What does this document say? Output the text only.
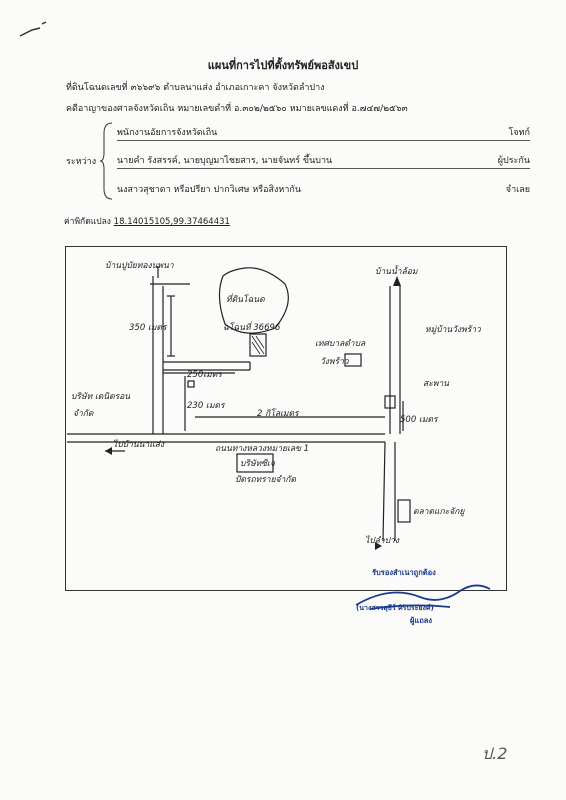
แผนที่การไปที่ตั้งทรัพย์พอสังเขป
ที่ดินโฉนดเลขที่ ๓๖๖๙๖ ตำบลนาแส่ง อำเภอเกาะคา จังหวัดลำปาง
คดีอาญาของศาลจังหวัดเถิน หมายเลขดำที่ อ.๓๐๒/๒๕๖๐ หมายเลขแดงที่ อ.๗๔๗/๒๕๖๓
ระหว่าง
พนักงานอัยการจังหวัดเถิน	โจทก์
นายคำ รังสรรค์, นายบุญมาไชยสาร, นายจันทร์ ขึ้นบาน	ผู้ประกัน
นงสาวสุชาดา หรือปรียา ปากวิเศษ หรือสิงหากัน	จำเลย
ค่าพิกัดแปลง 18.14015105,99.37464431
บ้านปูบัยทองนพนา
ที่ดินโฉนด
ฉโฉนที่ 36696
350 เมตร
250เมตร
230 เมตร
2 กิโลเมตร
บริษัท เดนิตรอน
จำกัด
ไปบ้านนาแส่ง	ถนนทางหลวงหมายเลข 1
บริษัทซีเจ
ปัดรถทรายจำกัด
เทศบาลตำบล
วังพร้าว
บ้านน้ำล้อม
หมู่บ้านวังพร้าว
สะพาน
500 เมตร
ตลาดแกะจักยู
ไปลำปาง
รับรองสำเนาถูกต้อง
(นางสาวสุธีร์ ศิริประยงค์)
ผู้แถลง
ป.2
